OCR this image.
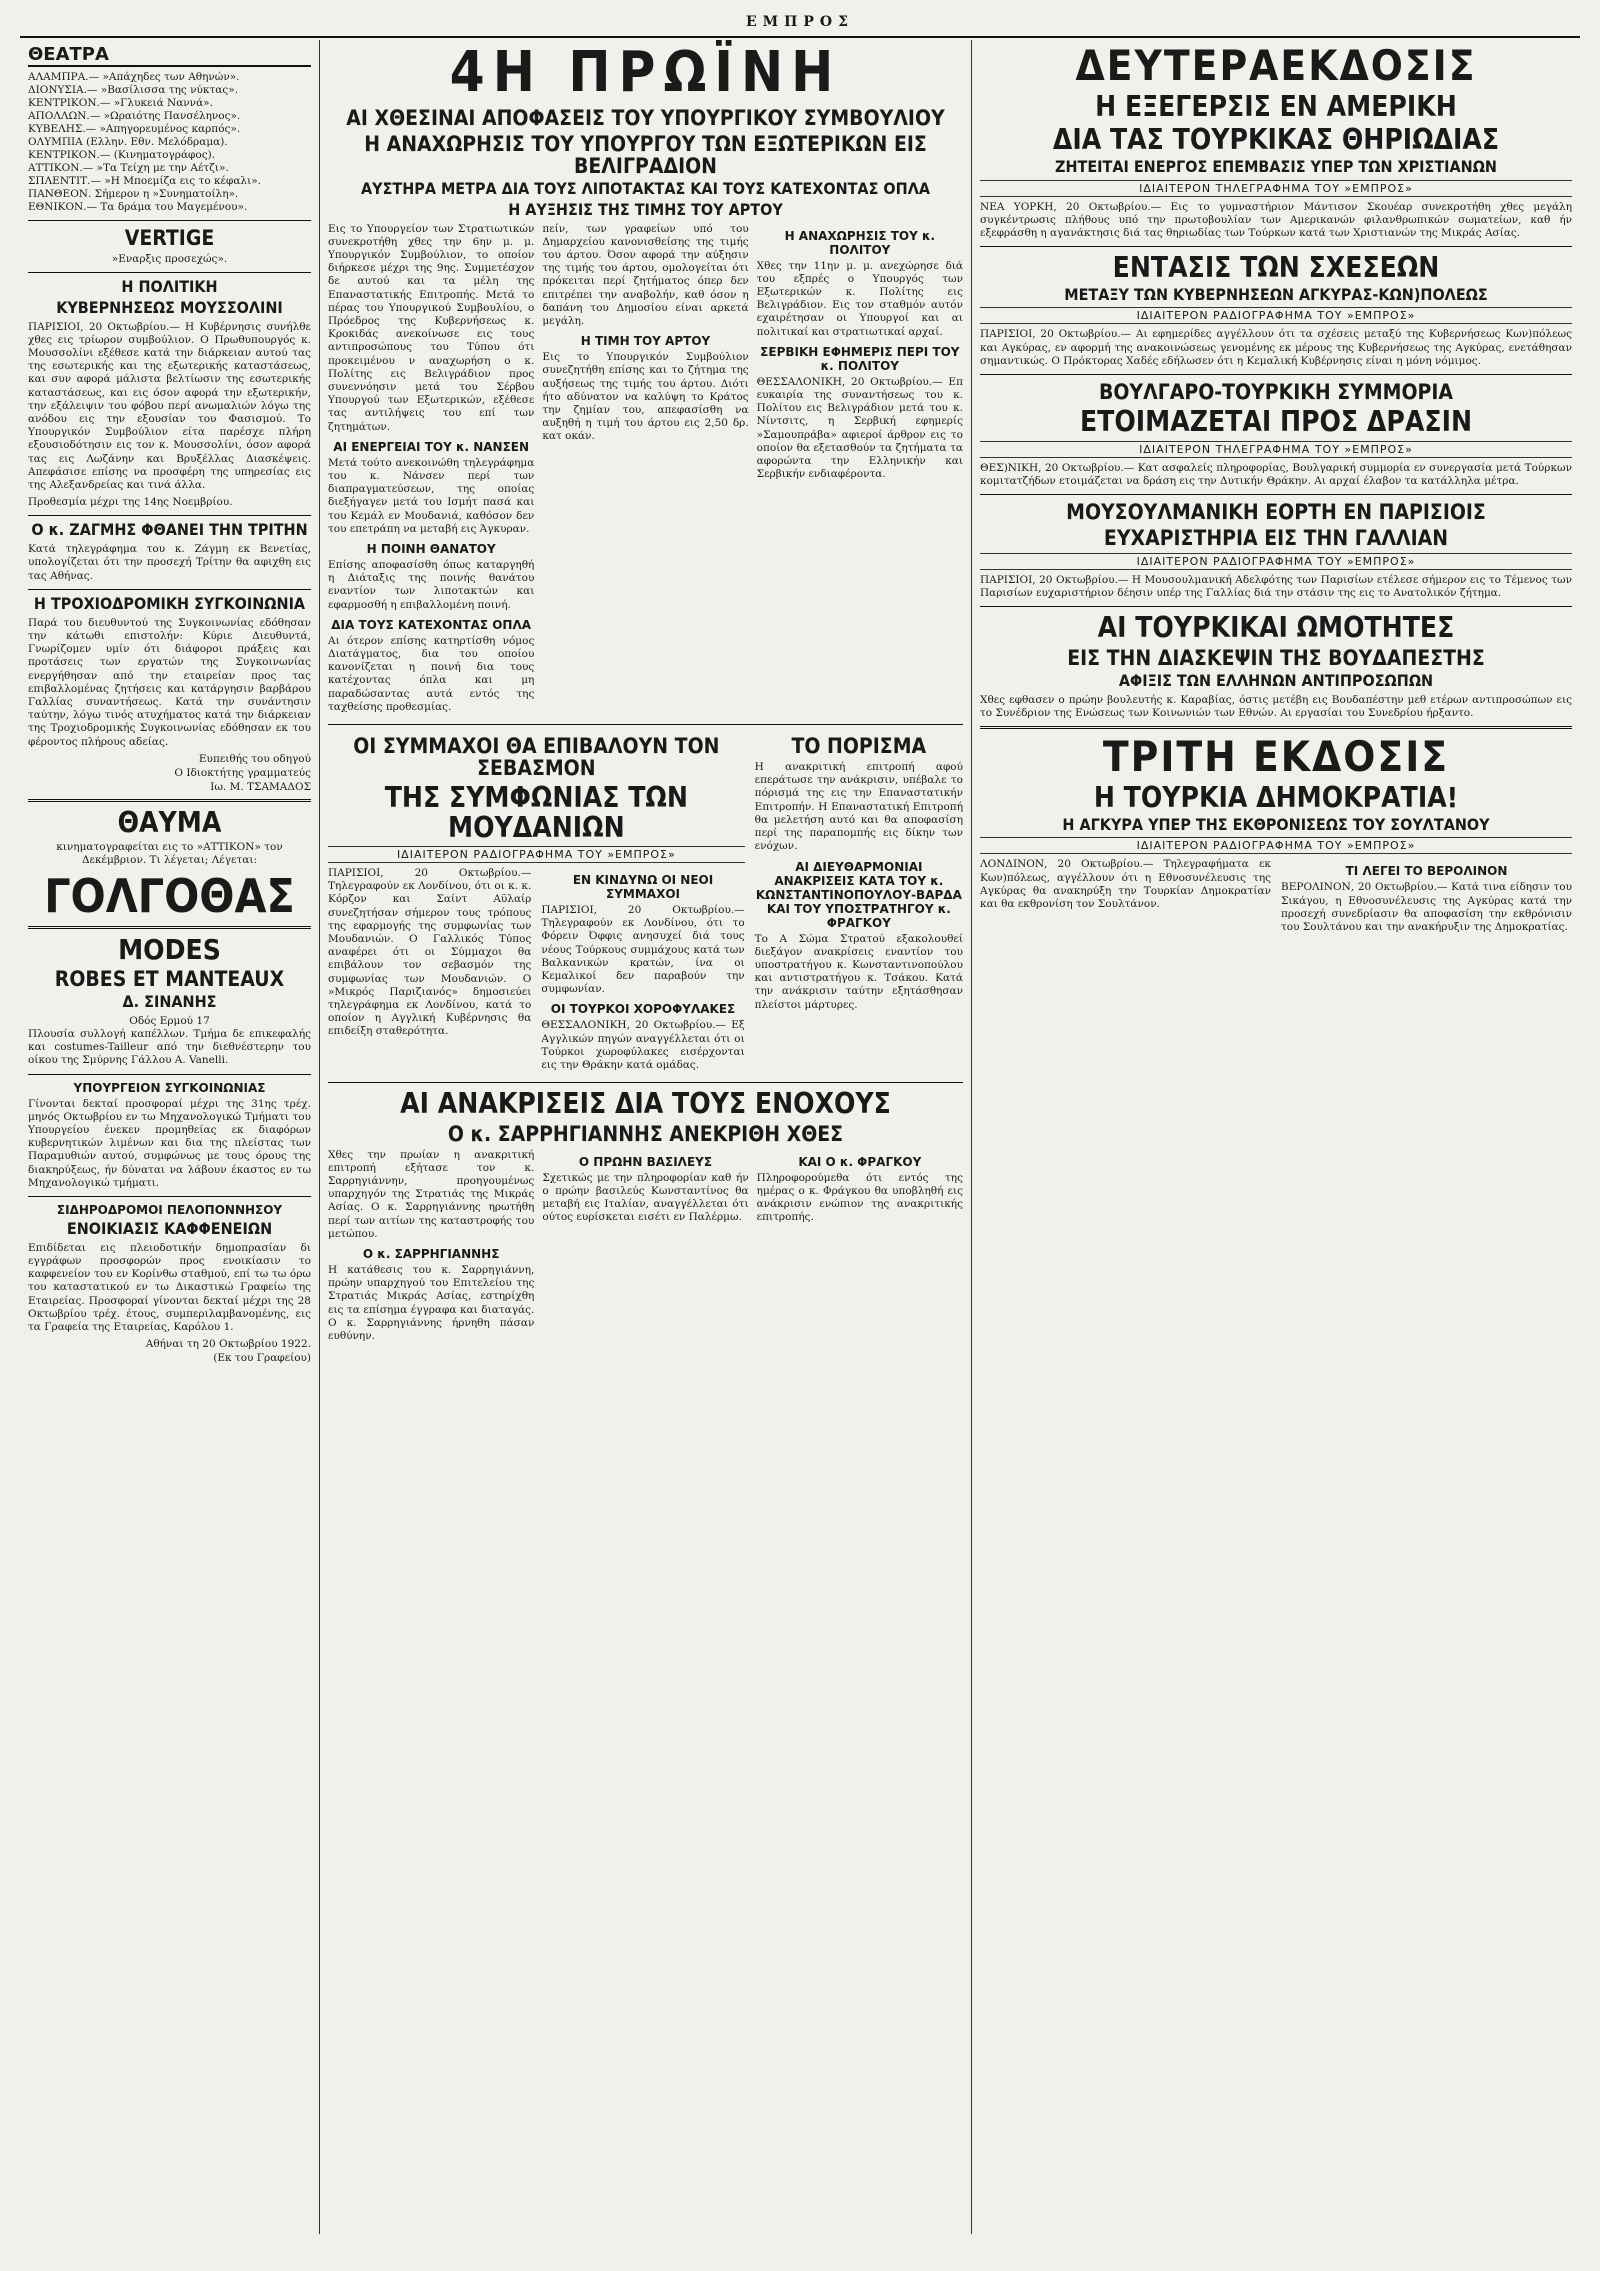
ΕΜΠΡΟΣ
ΘΕΑΤΡΑ

ΑΛΑΜΠΡΑ.— »Απάχηδες των Αθηνών».

ΔΙΟΝΥΣΙΑ.— »Βασίλισσα της νύκτας».

ΚΕΝΤΡΙΚΟΝ.— »Γλυκειά Ναννά».

ΑΠΟΛΛΩΝ.— »Ωραιότης Πανσέληνος».

ΚΥΒΕΛΗΣ.— »Απηγορευμένος καρπός».

ΟΛΥΜΠΙΑ (Ελλην. Εθν. Μελόδραμα).

ΚΕΝΤΡΙΚΟΝ.— (Κινηματογράφος).

ΑΤΤΙΚΟΝ.— »Τα Τείχη με την Αέτζι».

ΣΠΛΕΝΤΙΤ.— »Η Μποεμίζα εις το κέφαλι».

ΠΑΝΘΕΟΝ. Σήμερον η »Συνηματοίλη».

ΕΘΝΙΚΟΝ.— Τα δράμα του Μαγεμένου».

VERTIGE
»Εναρξις προσεχώς».
Η ΠΟΛΙΤΙΚΗ
ΚΥΒΕΡΝΗΣΕΩΣ ΜΟΥΣΣΟΛΙΝΙ

ΠΑΡΙΣΙΟΙ, 20 Οκτωβρίου.— Η Κυβέρνησις συνήλθε χθες εις τρίωρον συμβούλιον. Ο Πρωθυπουργός κ. Μουσσολίνι εξέθεσε κατά την διάρκειαν αυτού τας της εσωτερικής και της εξωτερικής καταστάσεως, και συν αφορά μάλιστα βελτίωσιν της εσωτερικής καταστάσεως, και εις όσον αφορά την εξωτερικήν, την εξάλειψιν του φόβου περί ανωμαλιών λόγω της ανόδου εις την εξουσίαν του Φασισμού. Το Υπουργικόν Συμβούλιον είτα παρέσχε πλήρη εξουσιοδότησιν εις τον κ. Μουσσολίνι, όσον αφορά τας εις Λωζάνην και Βρυξέλλας Διασκέψεις. Απεφάσισε επίσης να προσφέρη της υπηρεσίας εις της Αλεξανδρείας και τινά άλλα.

Προθεσμία μέχρι της 14ης Νοεμβρίου.

Ο κ. ΖΑΓΜΗΣ ΦΘΑΝΕΙ ΤΗΝ ΤΡΙΤΗΝ

Κατά τηλεγράφημα του κ. Ζάγμη εκ Βενετίας, υπολογίζεται ότι την προσεχή Τρίτην θα αφιχθη εις τας Αθήνας.

Η ΤΡΟΧΙΟΔΡΟΜΙΚΗ ΣΥΓΚΟΙΝΩΝΙΑ

Παρά του διευθυντού της Συγκοινωνίας εδόθησαν την κάτωθι επιστολήν: Κύριε Διευθυντά, Γνωρίζομεν υμίν ότι διάφοροι πράξεις και προτάσεις των εργατών της Συγκοινωνίας ενεργήθησαν από την εταιρείαν προς τας επιβαλλομένας ζητήσεις και κατάργησιν βαρβάρου Γαλλίας συναντήσεως. Κατά την συνάντησιν ταύτην, λόγω τινός ατυχήματος κατά την διάρκειαν της Τροχιοδρομικής Συγκοινωνίας εδόθησαν εκ του φέροντος πλήρους αδείας.

Ευπειθής του οδηγού

Ο Ιδιοκτήτης γραμματεύς

Ιω. Μ. ΤΣΑΜΑΔΟΣ

ΘΑΥΜΑ

κινηματογραφείται εις το »ΑΤΤΙΚΟΝ» τον Δεκέμβριον. Τι λέγεται; Λέγεται:

ΓΟΛΓΟΘΑΣ
MODES
ROBES ET MANTEAUX
Δ. ΣΙΝΑΝΗΣ
Οδός Ερμού 17

Πλουσία συλλογή καπέλλων. Τμήμα δε επικεφαλής και costumes-Tailleur από την διεθνέστερην του οίκου της Σμύρνης Γάλλου A. Vanelli.

ΥΠΟΥΡΓΕΙΟΝ ΣΥΓΚΟΙΝΩΝΙΑΣ

Γίνονται δεκταί προσφοραί μέχρι της 31ης τρέχ. μηνός Οκτωβρίου εν τω Μηχανολογικώ Τμήματι του Υπουργείου ένεκεν προμηθείας εκ διαφόρων κυβερνητικών λιμένων και δια της πλείστας των Παραμυθιών αυτού, συμφώνως με τους όρους της διακηρύξεως, ήν δύναται να λάβουν έκαστος εν τω Μηχανολογικώ τμήματι.

ΣΙΔΗΡΟΔΡΟΜΟΙ ΠΕΛΟΠΟΝΝΗΣΟΥ
ΕΝΟΙΚΙΑΣΙΣ ΚΑΦΦΕΝΕΙΩΝ

Επιδίδεται εις πλειοδοτικήν δημοπρασίαν δι εγγράφων προσφορών προς ενοικίασιν το καφφενείον του εν Κορίνθω σταθμού, επί τω τω όρω του καταστατικού εν τω Δικαστικώ Γραφείω της Εταιρείας. Προσφοραί γίνονται δεκταί μέχρι της 28 Οκτωβρίου τρέχ. έτους, συμπεριλαμβανομένης, εις τα Γραφεία της Εταιρείας, Καρόλου 1.

Αθήναι τη 20 Οκτωβρίου 1922.

(Εκ του Γραφείου)

4Η ΠΡΩΪΝΗ
ΑΙ ΧΘΕΣΙΝΑΙ ΑΠΟΦΑΣΕΙΣ ΤΟΥ ΥΠΟΥΡΓΙΚΟΥ ΣΥΜΒΟΥΛΙΟΥ
Η ΑΝΑΧΩΡΗΣΙΣ ΤΟΥ ΥΠΟΥΡΓΟΥ ΤΩΝ ΕΞΩΤΕΡΙΚΩΝ ΕΙΣ ΒΕΛΙΓΡΑΔΙΟΝ
ΑΥΣΤΗΡΑ ΜΕΤΡΑ ΔΙΑ ΤΟΥΣ ΛΙΠΟΤΑΚΤΑΣ ΚΑΙ ΤΟΥΣ ΚΑΤΕΧΟΝΤΑΣ ΟΠΛΑ
Η ΑΥΞΗΣΙΣ ΤΗΣ ΤΙΜΗΣ ΤΟΥ ΑΡΤΟΥ

Εις το Υπουργείον των Στρατιωτικών συνεκροτήθη χθες την 6ην μ. μ. Υπουργικόν Συμβούλιον, το οποίον διήρκεσε μέχρι της 9ης. Συμμετέσχον δε αυτού και τα μέλη της Επαναστατικής Επιτροπής. Μετά το πέρας του Υπουργικού Συμβουλίου, ο Πρόεδρος της Κυβερνήσεως κ. Κροκιδάς ανεκοίνωσε εις τους αντιπροσώπους του Τύπου ότι προκειμένου ν αναχωρήση ο κ. Πολίτης εις Βελιγράδιον προς συνεννόησιν μετά του Σέρβου Υπουργού των Εξωτερικών, εξέθεσε τας αντιλήψεις του επί των ζητημάτων.

ΑΙ ΕΝΕΡΓΕΙΑΙ ΤΟΥ κ. ΝΑΝΣΕΝ

Μετά τούτο ανεκοινώθη τηλεγράφημα του κ. Νάνσεν περί των διαπραγματεύσεων, της οποίας διεξήγαγεν μετά του Ισμήτ πασά και του Κεμάλ εν Μουδανιά, καθόσον δεν του επετράπη να μεταβή εις Άγκυραν.

Η ΠΟΙΝΗ ΘΑΝΑΤΟΥ

Επίσης αποφασίσθη όπως καταργηθή η Διάταξις της ποινής θανάτου εναντίον των λιποτακτών και εφαρμοσθή η επιβαλλομένη ποινή.

ΔΙΑ ΤΟΥΣ ΚΑΤΕΧΟΝΤΑΣ ΟΠΛΑ

Αι ότερον επίσης κατηρτίσθη νόμος Διατάγματος, δια του οποίου κανονίζεται η ποινή δια τους κατέχοντας όπλα και μη παραδώσαντας αυτά εντός της ταχθείσης προθεσμίας.

πείν, των γραφείων υπό του Δημαρχείου κανονισθείσης της τιμής του άρτου. Όσον αφορά την αύξησιν της τιμής του άρτου, ομολογείται ότι πρόκειται περί ζητήματος όπερ δεν επιτρέπει την αναβολήν, καθ όσον η δαπάνη του Δημοσίου είναι αρκετά μεγάλη.

Η ΤΙΜΗ ΤΟΥ ΑΡΤΟΥ

Εις το Υπουργικόν Συμβούλιον συνεζητήθη επίσης και το ζήτημα της αυξήσεως της τιμής του άρτου. Διότι ήτο αδύνατον να καλύψη το Κράτος την ζημίαν του, απεφασίσθη να αυξηθή η τιμή του άρτου εις 2,50 δρ. κατ οκάν.

Η ΑΝΑΧΩΡΗΣΙΣ ΤΟΥ κ. ΠΟΛΙΤΟΥ

Χθες την 11ην μ. μ. ανεχώρησε διά του εξπρές ο Υπουργός των Εξωτερικών κ. Πολίτης εις Βελιγράδιον. Εις τον σταθμόν αυτόν εχαιρέτησαν οι Υπουργοί και αι πολιτικαί και στρατιωτικαί αρχαί.

ΣΕΡΒΙΚΗ ΕΦΗΜΕΡΙΣ ΠΕΡΙ ΤΟΥ κ. ΠΟΛΙΤΟΥ

ΘΕΣΣΑΛΟΝΙΚΗ, 20 Οκτωβρίου.— Επ ευκαιρία της συναντήσεως του κ. Πολίτου εις Βελιγράδιον μετά του κ. Νίντσιτς, η Σερβική εφημερίς »Σαμουπράβα» αφιεροί άρθρον εις το οποίον θα εξετασθούν τα ζητήματα τα αφορώντα την Ελληνικήν και Σερβικήν ενδιαφέροντα.

ΟΙ ΣΥΜΜΑΧΟΙ ΘΑ ΕΠΙΒΑΛΟΥΝ ΤΟΝ ΣΕΒΑΣΜΟΝ
ΤΗΣ ΣΥΜΦΩΝΙΑΣ ΤΩΝ ΜΟΥΔΑΝΙΩΝ
ΙΔΙΑΙΤΕΡΟΝ ΡΑΔΙΟΓΡΑΦΗΜΑ ΤΟΥ »ΕΜΠΡΟΣ»

ΠΑΡΙΣΙΟΙ, 20 Οκτωβρίου.— Τηλεγραφούν εκ Λονδίνου, ότι οι κ. κ. Κόρζον και Σαίντ Αϋλαίρ συνεζητήσαν σήμερον τους τρόπους της εφαρμογής της συμφωνίας των Μουδανιών. Ο Γαλλικός Τύπος αναφέρει ότι οι Σύμμαχοι θα επιβάλουν τον σεβασμόν της συμφωνίας των Μουδανιών. Ο »Μικρός Παριζιανός» δημοσιεύει τηλεγράφημα εκ Λονδίνου, κατά το οποίον η Αγγλική Κυβέρνησις θα επιδείξη σταθερότητα.

ΕΝ ΚΙΝΔΥΝΩ ΟΙ ΝΕΟΙ ΣΥΜΜΑΧΟΙ

ΠΑΡΙΣΙΟΙ, 20 Οκτωβρίου.— Τηλεγραφούν εκ Λονδίνου, ότι το Φόρειν Όφφις ανησυχεί διά τους νέους Τούρκους συμμάχους κατά των Βαλκανικών κρατών, ίνα οι Κεμαλικοί δεν παραβούν την συμφωνίαν.

ΟΙ ΤΟΥΡΚΟΙ ΧΟΡΟΦΥΛΑΚΕΣ

ΘΕΣΣΑΛΟΝΙΚΗ, 20 Οκτωβρίου.— Εξ Αγγλικών πηγών αναγγέλλεται ότι οι Τούρκοι χωροφύλακες εισέρχονται εις την Θράκην κατά ομάδας.

ΤΟ ΠΟΡΙΣΜΑ

Η ανακριτική επιτροπή αφού επεράτωσε την ανάκρισιν, υπέβαλε το πόρισμά της εις την Επαναστατικήν Επιτροπήν. Η Επαναστατική Επιτροπή θα μελετήση αυτό και θα αποφασίση περί της παραπομπής εις δίκην των ενόχων.

ΑΙ ΔΙΕΥΘΑΡΜΟΝΙΑΙ ΑΝΑΚΡΙΣΕΙΣ ΚΑΤΑ ΤΟΥ κ. ΚΩΝΣΤΑΝΤΙΝΟΠΟΥΛΟΥ-ΒΑΡΔΑ ΚΑΙ ΤΟΥ ΥΠΟΣΤΡΑΤΗΓΟΥ κ. ΦΡΑΓΚΟΥ

Το Α Σώμα Στρατού εξακολουθεί διεξάγον ανακρίσεις εναντίον του υποστρατήγου κ. Κωνσταντινοπούλου και αντιστρατήγου κ. Τσάκου. Κατά την ανάκρισιν ταύτην εξητάσθησαν πλείστοι μάρτυρες.

ΑΙ ΑΝΑΚΡΙΣΕΙΣ ΔΙΑ ΤΟΥΣ ΕΝΟΧΟΥΣ
Ο κ. ΣΑΡΡΗΓΙΑΝΝΗΣ ΑΝΕΚΡΙΘΗ ΧΘΕΣ

Χθες την πρωίαν η ανακριτική επιτροπή εξήτασε τον κ. Σαρρηγιάννην, προηγουμένως υπαρχηγόν της Στρατιάς της Μικράς Ασίας. Ο κ. Σαρρηγιάννης ηρωτήθη περί των αιτίων της καταστροφής του μετώπου.

Ο κ. ΣΑΡΡΗΓΙΑΝΝΗΣ

Η κατάθεσις του κ. Σαρρηγιάννη, πρώην υπαρχηγού του Επιτελείου της Στρατιάς Μικράς Ασίας, εστηρίχθη εις τα επίσημα έγγραφα και διαταγάς. Ο κ. Σαρρηγιάννης ήρνηθη πάσαν ευθύνην.

Ο ΠΡΩΗΝ ΒΑΣΙΛΕΥΣ

Σχετικώς με την πληροφορίαν καθ ήν ο πρώην βασιλεύς Κωνσταντίνος θα μεταβή εις Ιταλίαν, αναγγέλλεται ότι ούτος ευρίσκεται εισέτι εν Παλέρμω.

ΚΑΙ Ο κ. ΦΡΑΓΚΟΥ

Πληροφορούμεθα ότι εντός της ημέρας ο κ. Φράγκου θα υποβληθή εις ανάκρισιν ενώπιον της ανακριτικής επιτροπής.

ΔΕΥΤΕΡΑΕΚΔΟΣΙΣ
Η ΕΞΕΓΕΡΣΙΣ ΕΝ ΑΜΕΡΙΚΗ
ΔΙΑ ΤΑΣ ΤΟΥΡΚΙΚΑΣ ΘΗΡΙΩΔΙΑΣ
ΖΗΤΕΙΤΑΙ ΕΝΕΡΓΟΣ ΕΠΕΜΒΑΣΙΣ ΥΠΕΡ ΤΩΝ ΧΡΙΣΤΙΑΝΩΝ
ΙΔΙΑΙΤΕΡΟΝ ΤΗΛΕΓΡΑΦΗΜΑ ΤΟΥ »ΕΜΠΡΟΣ»

ΝΕΑ ΥΟΡΚΗ, 20 Οκτωβρίου.— Εις το γυμναστήριον Μάντισον Σκουέαρ συνεκροτήθη χθες μεγάλη συγκέντρωσις πλήθους υπό την πρωτοβουλίαν των Αμερικανών φιλανθρωπικών σωματείων, καθ ήν εξεφράσθη η αγανάκτησις διά τας θηριωδίας των Τούρκων κατά των Χριστιανών της Μικράς Ασίας.

ΕΝΤΑΣΙΣ ΤΩΝ ΣΧΕΣΕΩΝ
ΜΕΤΑΞΥ ΤΩΝ ΚΥΒΕΡΝΗΣΕΩΝ ΑΓΚΥΡΑΣ-ΚΩΝ)ΠΟΛΕΩΣ
ΙΔΙΑΙΤΕΡΟΝ ΡΑΔΙΟΓΡΑΦΗΜΑ ΤΟΥ »ΕΜΠΡΟΣ»

ΠΑΡΙΣΙΟΙ, 20 Οκτωβρίου.— Αι εφημερίδες αγγέλλουν ότι τα σχέσεις μεταξύ της Κυβερνήσεως Κων)πόλεως και Αγκύρας, εν αφορμή της ανακοινώσεως γενομένης εκ μέρους της Κυβερνήσεως της Αγκύρας, ενετάθησαν σημαντικώς. Ο Πρόκτορας Χαδές εδήλωσεν ότι η Κεμαλική Κυβέρνησις είναι η μόνη νόμιμος.

ΒΟΥΛΓΑΡΟ-ΤΟΥΡΚΙΚΗ ΣΥΜΜΟΡΙΑ
ΕΤΟΙΜΑΖΕΤΑΙ ΠΡΟΣ ΔΡΑΣΙΝ
ΙΔΙΑΙΤΕΡΟΝ ΤΗΛΕΓΡΑΦΗΜΑ ΤΟΥ »ΕΜΠΡΟΣ»

ΘΕΣ)ΝΙΚΗ, 20 Οκτωβρίου.— Κατ ασφαλείς πληροφορίας, Βουλγαρική συμμορία εν συνεργασία μετά Τούρκων κομιτατζήδων ετοιμάζεται να δράση εις την Δυτικήν Θράκην. Αι αρχαί έλαβον τα κατάλληλα μέτρα.

ΜΟΥΣΟΥΛΜΑΝΙΚΗ ΕΟΡΤΗ ΕΝ ΠΑΡΙΣΙΟΙΣ
ΕΥΧΑΡΙΣΤΗΡΙΑ ΕΙΣ ΤΗΝ ΓΑΛΛΙΑΝ
ΙΔΙΑΙΤΕΡΟΝ ΡΑΔΙΟΓΡΑΦΗΜΑ ΤΟΥ »ΕΜΠΡΟΣ»

ΠΑΡΙΣΙΟΙ, 20 Οκτωβρίου.— Η Μουσουλμανική Αδελφότης των Παρισίων ετέλεσε σήμερον εις το Τέμενος των Παρισίων ευχαριστήριον δέησιν υπέρ της Γαλλίας διά την στάσιν της εις το Ανατολικόν ζήτημα.

ΑΙ ΤΟΥΡΚΙΚΑΙ ΩΜΟΤΗΤΕΣ
ΕΙΣ ΤΗΝ ΔΙΑΣΚΕΨΙΝ ΤΗΣ ΒΟΥΔΑΠΕΣΤΗΣ
ΑΦΙΞΙΣ ΤΩΝ ΕΛΛΗΝΩΝ ΑΝΤΙΠΡΟΣΩΠΩΝ

Χθες εφθασεν ο πρώην βουλευτής κ. Καραβίας, όστις μετέβη εις Βουδαπέστην μεθ ετέρων αντιπροσώπων εις το Συνέδριον της Ενώσεως των Κοινωνιών των Εθνών. Αι εργασίαι του Συνεδρίου ήρξαντο.

ΤΡΙΤΗ ΕΚΔΟΣΙΣ
Η ΤΟΥΡΚΙΑ ΔΗΜΟΚΡΑΤΙΑ!
Η ΑΓΚΥΡΑ ΥΠΕΡ ΤΗΣ ΕΚΘΡΟΝΙΣΕΩΣ ΤΟΥ ΣΟΥΛΤΑΝΟΥ
ΙΔΙΑΙΤΕΡΟΝ ΡΑΔΙΟΓΡΑΦΗΜΑ ΤΟΥ »ΕΜΠΡΟΣ»

ΛΟΝΔΙΝΟΝ, 20 Οκτωβρίου.— Τηλεγραφήματα εκ Κων)πόλεως, αγγέλλουν ότι η Εθνοσυνέλευσις της Αγκύρας θα ανακηρύξη την Τουρκίαν Δημοκρατίαν και θα εκθρονίση τον Σουλτάνον.

ΤΙ ΛΕΓΕΙ ΤΟ ΒΕΡΟΛΙΝΟΝ

ΒΕΡΟΛΙΝΟΝ, 20 Οκτωβρίου.— Κατά τινα είδησιν του Σικάγου, η Εθνοσυνέλευσις της Αγκύρας κατά την προσεχή συνεδρίασιν θα αποφασίση την εκθρόνισιν του Σουλτάνου και την ανακήρυξιν της Δημοκρατίας.
